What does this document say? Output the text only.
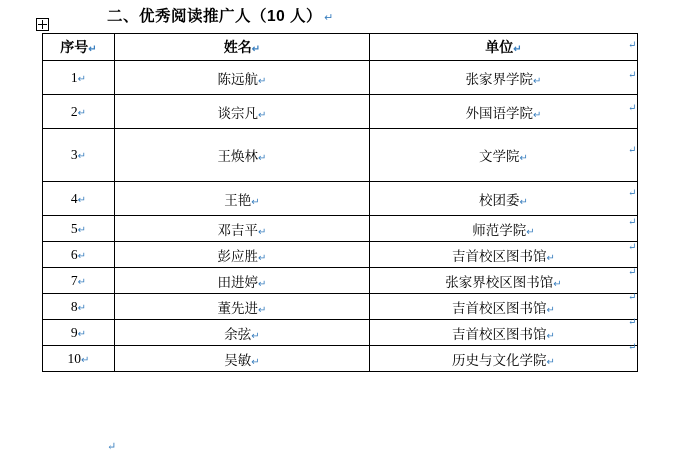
二、优秀阅读推广人（10 人） ↵
序号↵	姓名↵	单位↵
1↵	陈远航↵	张家界学院↵
2↵	谈宗凡↵	外国语学院↵
3↵	王焕林↵	文学院↵
4↵	王艳↵	校团委↵
5↵	邓吉平↵	师范学院↵
6↵	彭应胜↵	吉首校区图书馆↵
7↵	田进婷↵	张家界校区图书馆↵
8↵	董先进↵	吉首校区图书馆↵
9↵	余弦↵	吉首校区图书馆↵
10↵	吴敏↵	历史与文化学院↵
↵
↵
↵
↵
↵
↵
↵
↵
↵
↵
↵
↵
